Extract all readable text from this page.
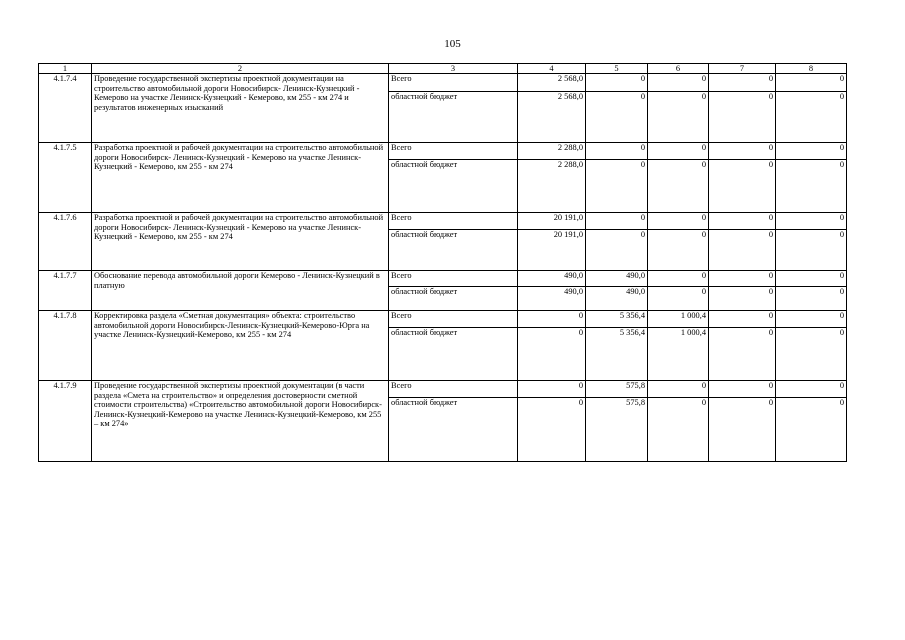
105
1	2	3	4	5	6	7	8
4.1.7.4	Проведение государственной экспертизы проектной документации на строительство автомобильной дороги Новосибирск- Ленинск-Кузнецкий - Кемерово на участке Ленинск-Кузнецкий - Кемерово, км 255 - км 274 и результатов инженерных изысканий	Всего	2 568,0	0	0	0	0
		областной бюджет	2 568,0	0	0	0	0
4.1.7.5	Разработка проектной и рабочей документации на строительство автомобильной дороги Новосибирск- Ленинск-Кузнецкий - Кемерово на участке Ленинск-Кузнецкий - Кемерово, км 255 - км 274	Всего	2 288,0	0	0	0	0
		областной бюджет	2 288,0	0	0	0	0
4.1.7.6	Разработка проектной и рабочей документации на строительство автомобильной дороги Новосибирск- Ленинск-Кузнецкий - Кемерово на участке Ленинск-Кузнецкий - Кемерово, км 255 - км 274	Всего	20 191,0	0	0	0	0
		областной бюджет	20 191,0	0	0	0	0
4.1.7.7	Обоснование перевода автомобильной дороги Кемерово - Ленинск-Кузнецкий в платную	Всего	490,0	490,0	0	0	0
		областной бюджет	490,0	490,0	0	0	0
4.1.7.8	Корректировка раздела «Сметная документация» объекта: строительство автомобильной дороги Новосибирск-Ленинск-Кузнецкий-Кемерово-Юрга на участке Ленинск-Кузнецкий-Кемерово, км 255 - км 274	Всего	0	5 356,4	1 000,4	0	0
		областной бюджет	0	5 356,4	1 000,4	0	0
4.1.7.9	Проведение государственной экспертизы проектной документации (в части раздела «Смета на строительство» и определения достоверности сметной стоимости строительства) «Строительство автомобильной дороги Новосибирск-Ленинск-Кузнецкий-Кемерово на участке Ленинск-Кузнецкий-Кемерово, км 255 – км 274»	Всего	0	575,8	0	0	0
		областной бюджет	0	575,8	0	0	0
